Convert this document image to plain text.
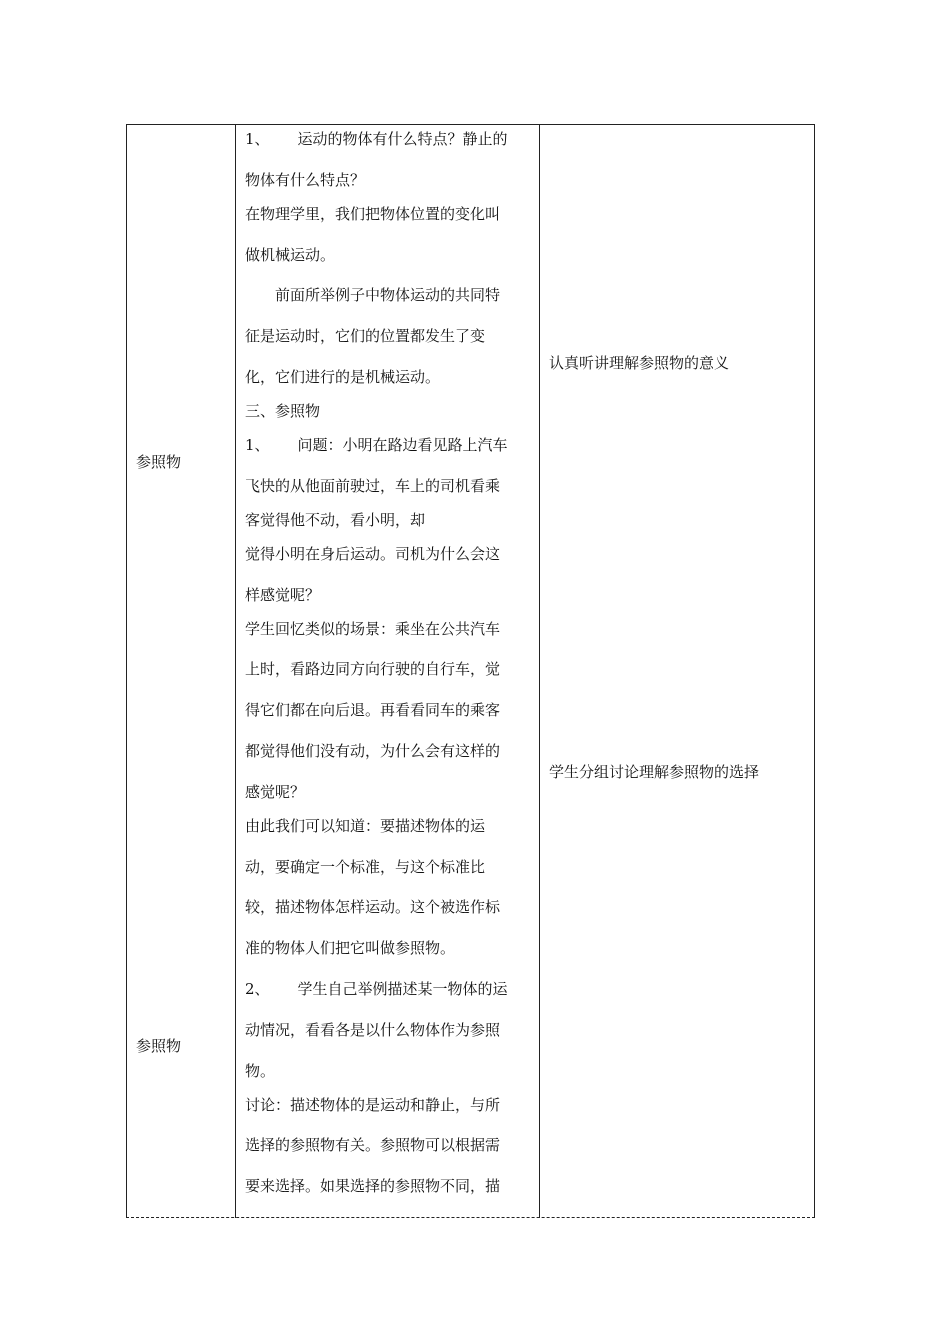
参照物
参照物
1、 运动的物体有什么特点？静止的
物体有什么特点？
在物理学里，我们把物体位置的变化叫
做机械运动。
前面所举例子中物体运动的共同特
征是运动时，它们的位置都发生了变
化，它们进行的是机械运动。
三、参照物
1、 问题：小明在路边看见路上汽车
飞快的从他面前驶过，车上的司机看乘
客觉得他不动，看小明，却
觉得小明在身后运动。司机为什么会这
样感觉呢？
学生回忆类似的场景：乘坐在公共汽车
上时，看路边同方向行驶的自行车，觉
得它们都在向后退。再看看同车的乘客
都觉得他们没有动，为什么会有这样的
感觉呢？
由此我们可以知道：要描述物体的运
动，要确定一个标准，与这个标准比
较，描述物体怎样运动。这个被选作标
准的物体人们把它叫做参照物。
2、 学生自己举例描述某一物体的运
动情况，看看各是以什么物体作为参照
物。
讨论：描述物体的是运动和静止，与所
选择的参照物有关。参照物可以根据需
要来选择。如果选择的参照物不同，描
认真听讲理解参照物的意义
学生分组讨论理解参照物的选择
